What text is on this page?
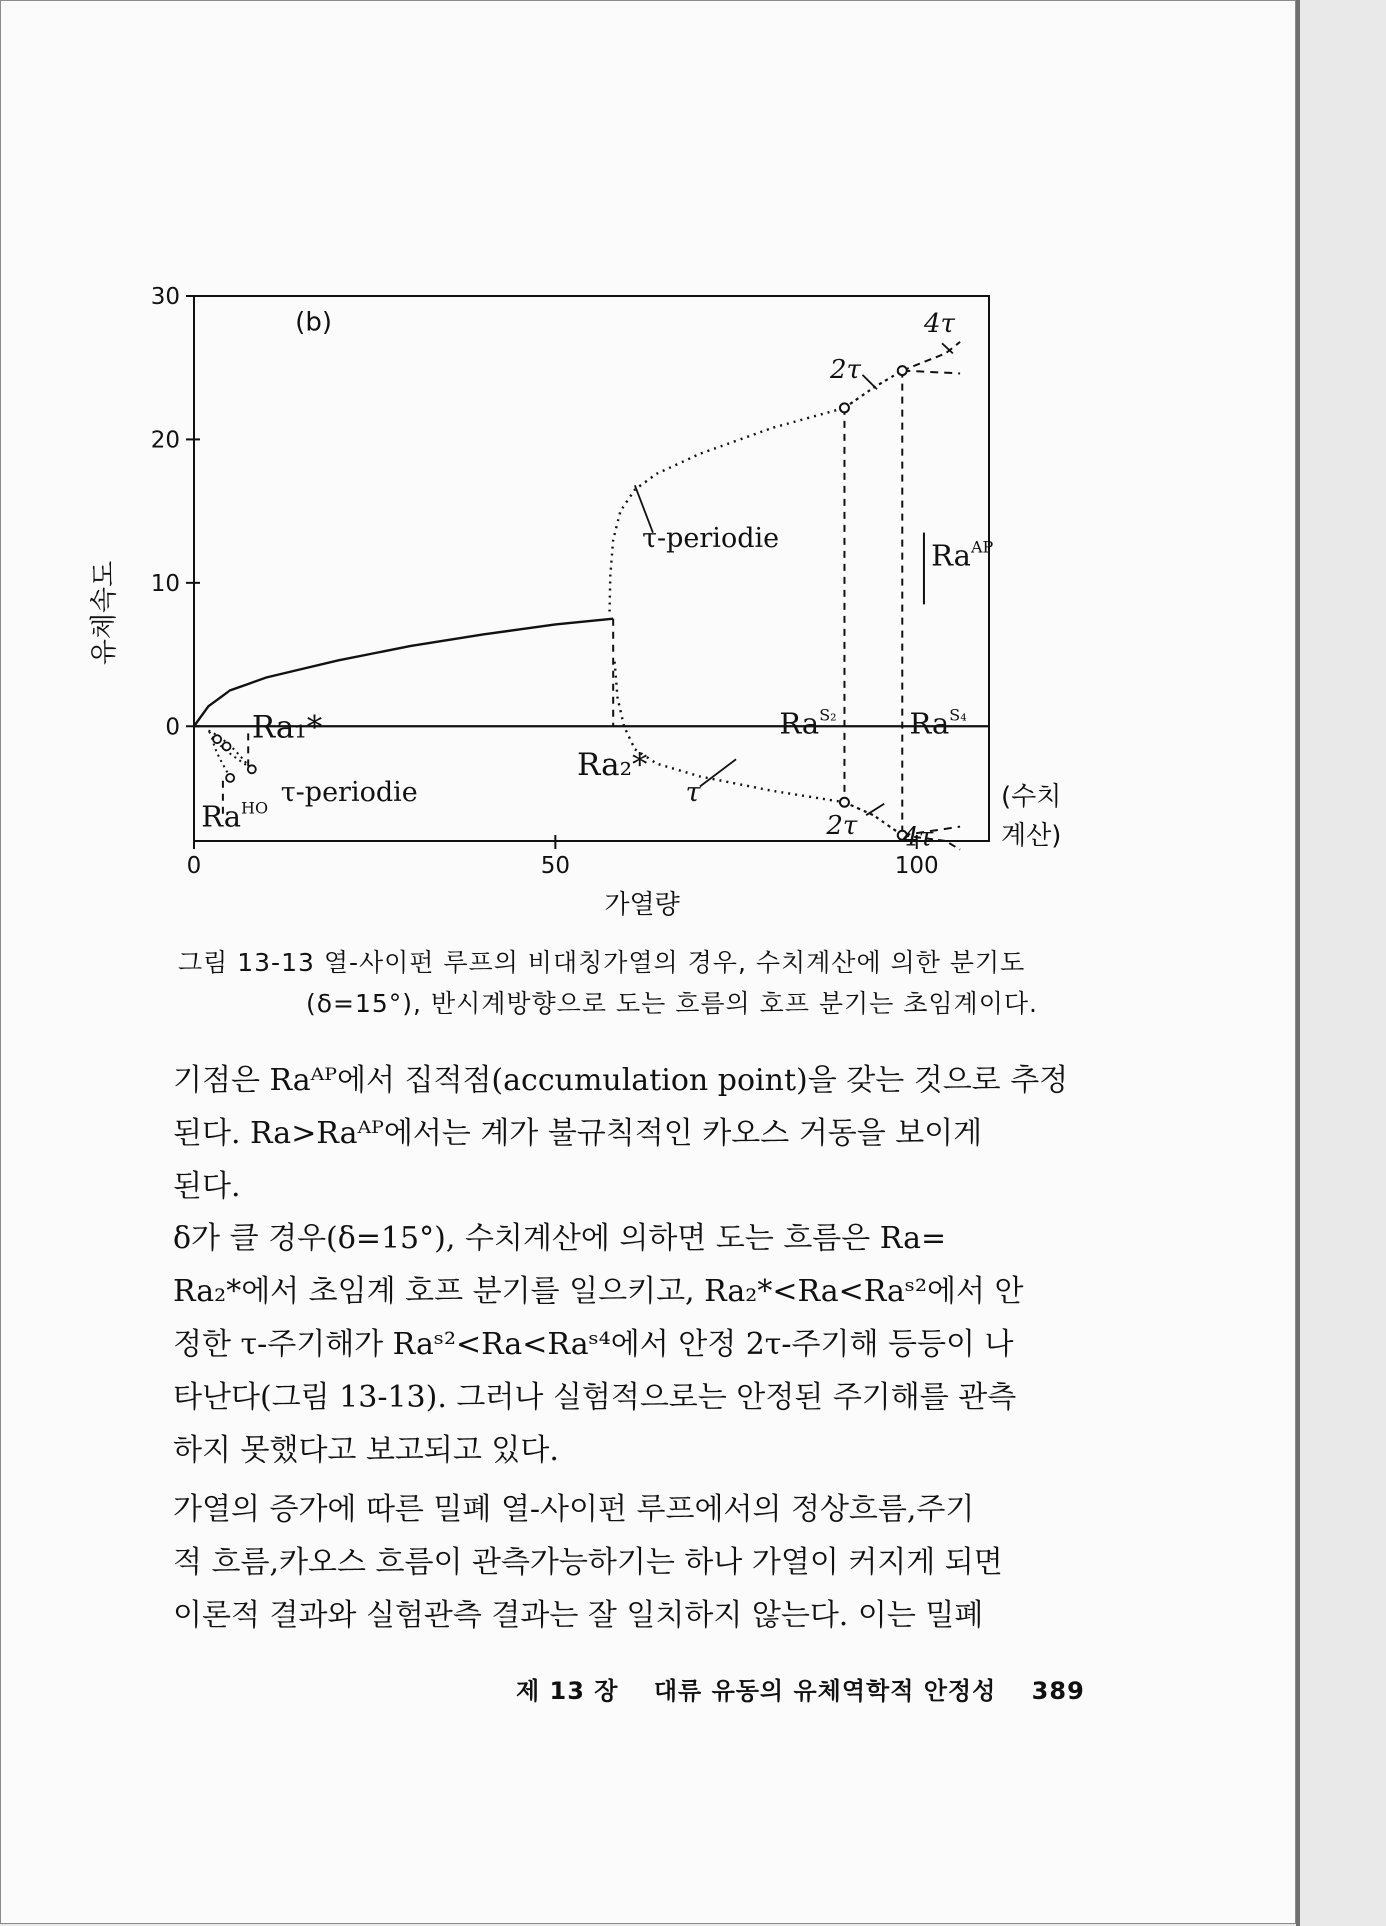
0
10
20
30
0	50	100
(b)
Ra₁*
Ra₂*
$Ra^{HO}$
τ-periodie
τ-periodie
τ
$Ra^{AP}$
$Ra^{S_2}$	$Ra^{S_4}$
2τ
4τ
2τ 4τ
가열량
(수치
계산)
유체속도
그림 13-13 열-사이펀 루프의 비대칭가열의 경우, 수치계산에 의한 분기도
(δ=15°), 반시계방향으로 도는 흐름의 호프 분기는 초임계이다.
기점은 Raᴬᴾ에서 집적점(accumulation point)을 갖는 것으로 추정
된다. Ra>Raᴬᴾ에서는 계가 불규칙적인 카오스 거동을 보이게
된다.
δ가 클 경우(δ=15°), 수치계산에 의하면 도는 흐름은 Ra=
Ra₂*에서 초임계 호프 분기를 일으키고, Ra₂*<Ra<Raˢ²에서 안
정한 τ-주기해가 Raˢ²<Ra<Raˢ⁴에서 안정 2τ-주기해 등등이 나
타난다(그림 13-13). 그러나 실험적으로는 안정된 주기해를 관측
하지 못했다고 보고되고 있다.
가열의 증가에 따른 밀폐 열-사이펀 루프에서의 정상흐름,주기
적 흐름,카오스 흐름이 관측가능하기는 하나 가열이 커지게 되면
이론적 결과와 실험관측 결과는 잘 일치하지 않는다. 이는 밀폐
제 13 장 대류 유동의 유체역학적 안정성 389
